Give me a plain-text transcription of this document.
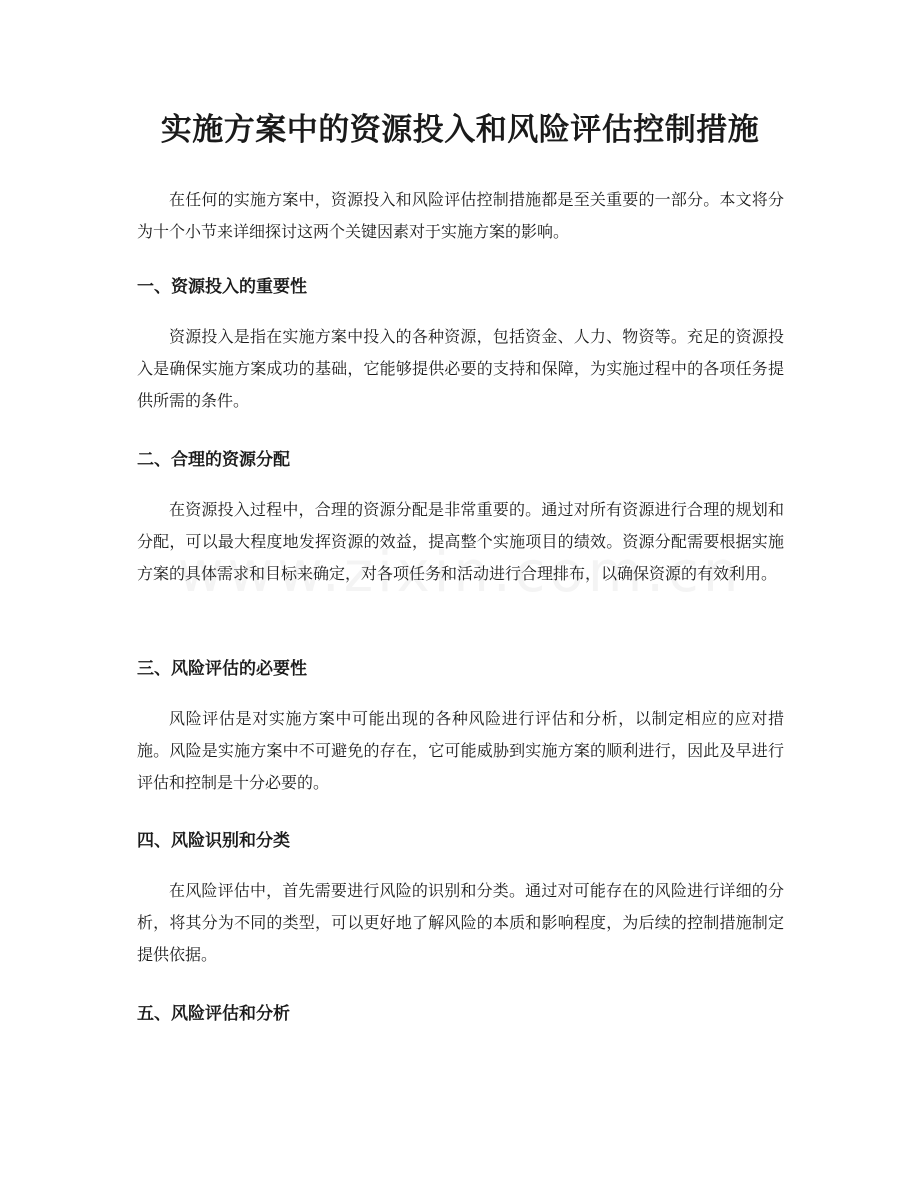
实施方案中的资源投入和风险评估控制措施

在任何的实施方案中，资源投入和风险评估控制措施都是至关重要的一部分。本文将分为十个小节来详细探讨这两个关键因素对于实施方案的影响。

一、资源投入的重要性

资源投入是指在实施方案中投入的各种资源，包括资金、人力、物资等。充足的资源投入是确保实施方案成功的基础，它能够提供必要的支持和保障，为实施过程中的各项任务提供所需的条件。

二、合理的资源分配

在资源投入过程中，合理的资源分配是非常重要的。通过对所有资源进行合理的规划和分配，可以最大程度地发挥资源的效益，提高整个实施项目的绩效。资源分配需要根据实施方案的具体需求和目标来确定，对各项任务和活动进行合理排布，以确保资源的有效利用。

三、风险评估的必要性

风险评估是对实施方案中可能出现的各种风险进行评估和分析，以制定相应的应对措施。风险是实施方案中不可避免的存在，它可能威胁到实施方案的顺利进行，因此及早进行评估和控制是十分必要的。

四、风险识别和分类

在风险评估中，首先需要进行风险的识别和分类。通过对可能存在的风险进行详细的分析，将其分为不同的类型，可以更好地了解风险的本质和影响程度，为后续的控制措施制定提供依据。

五、风险评估和分析
